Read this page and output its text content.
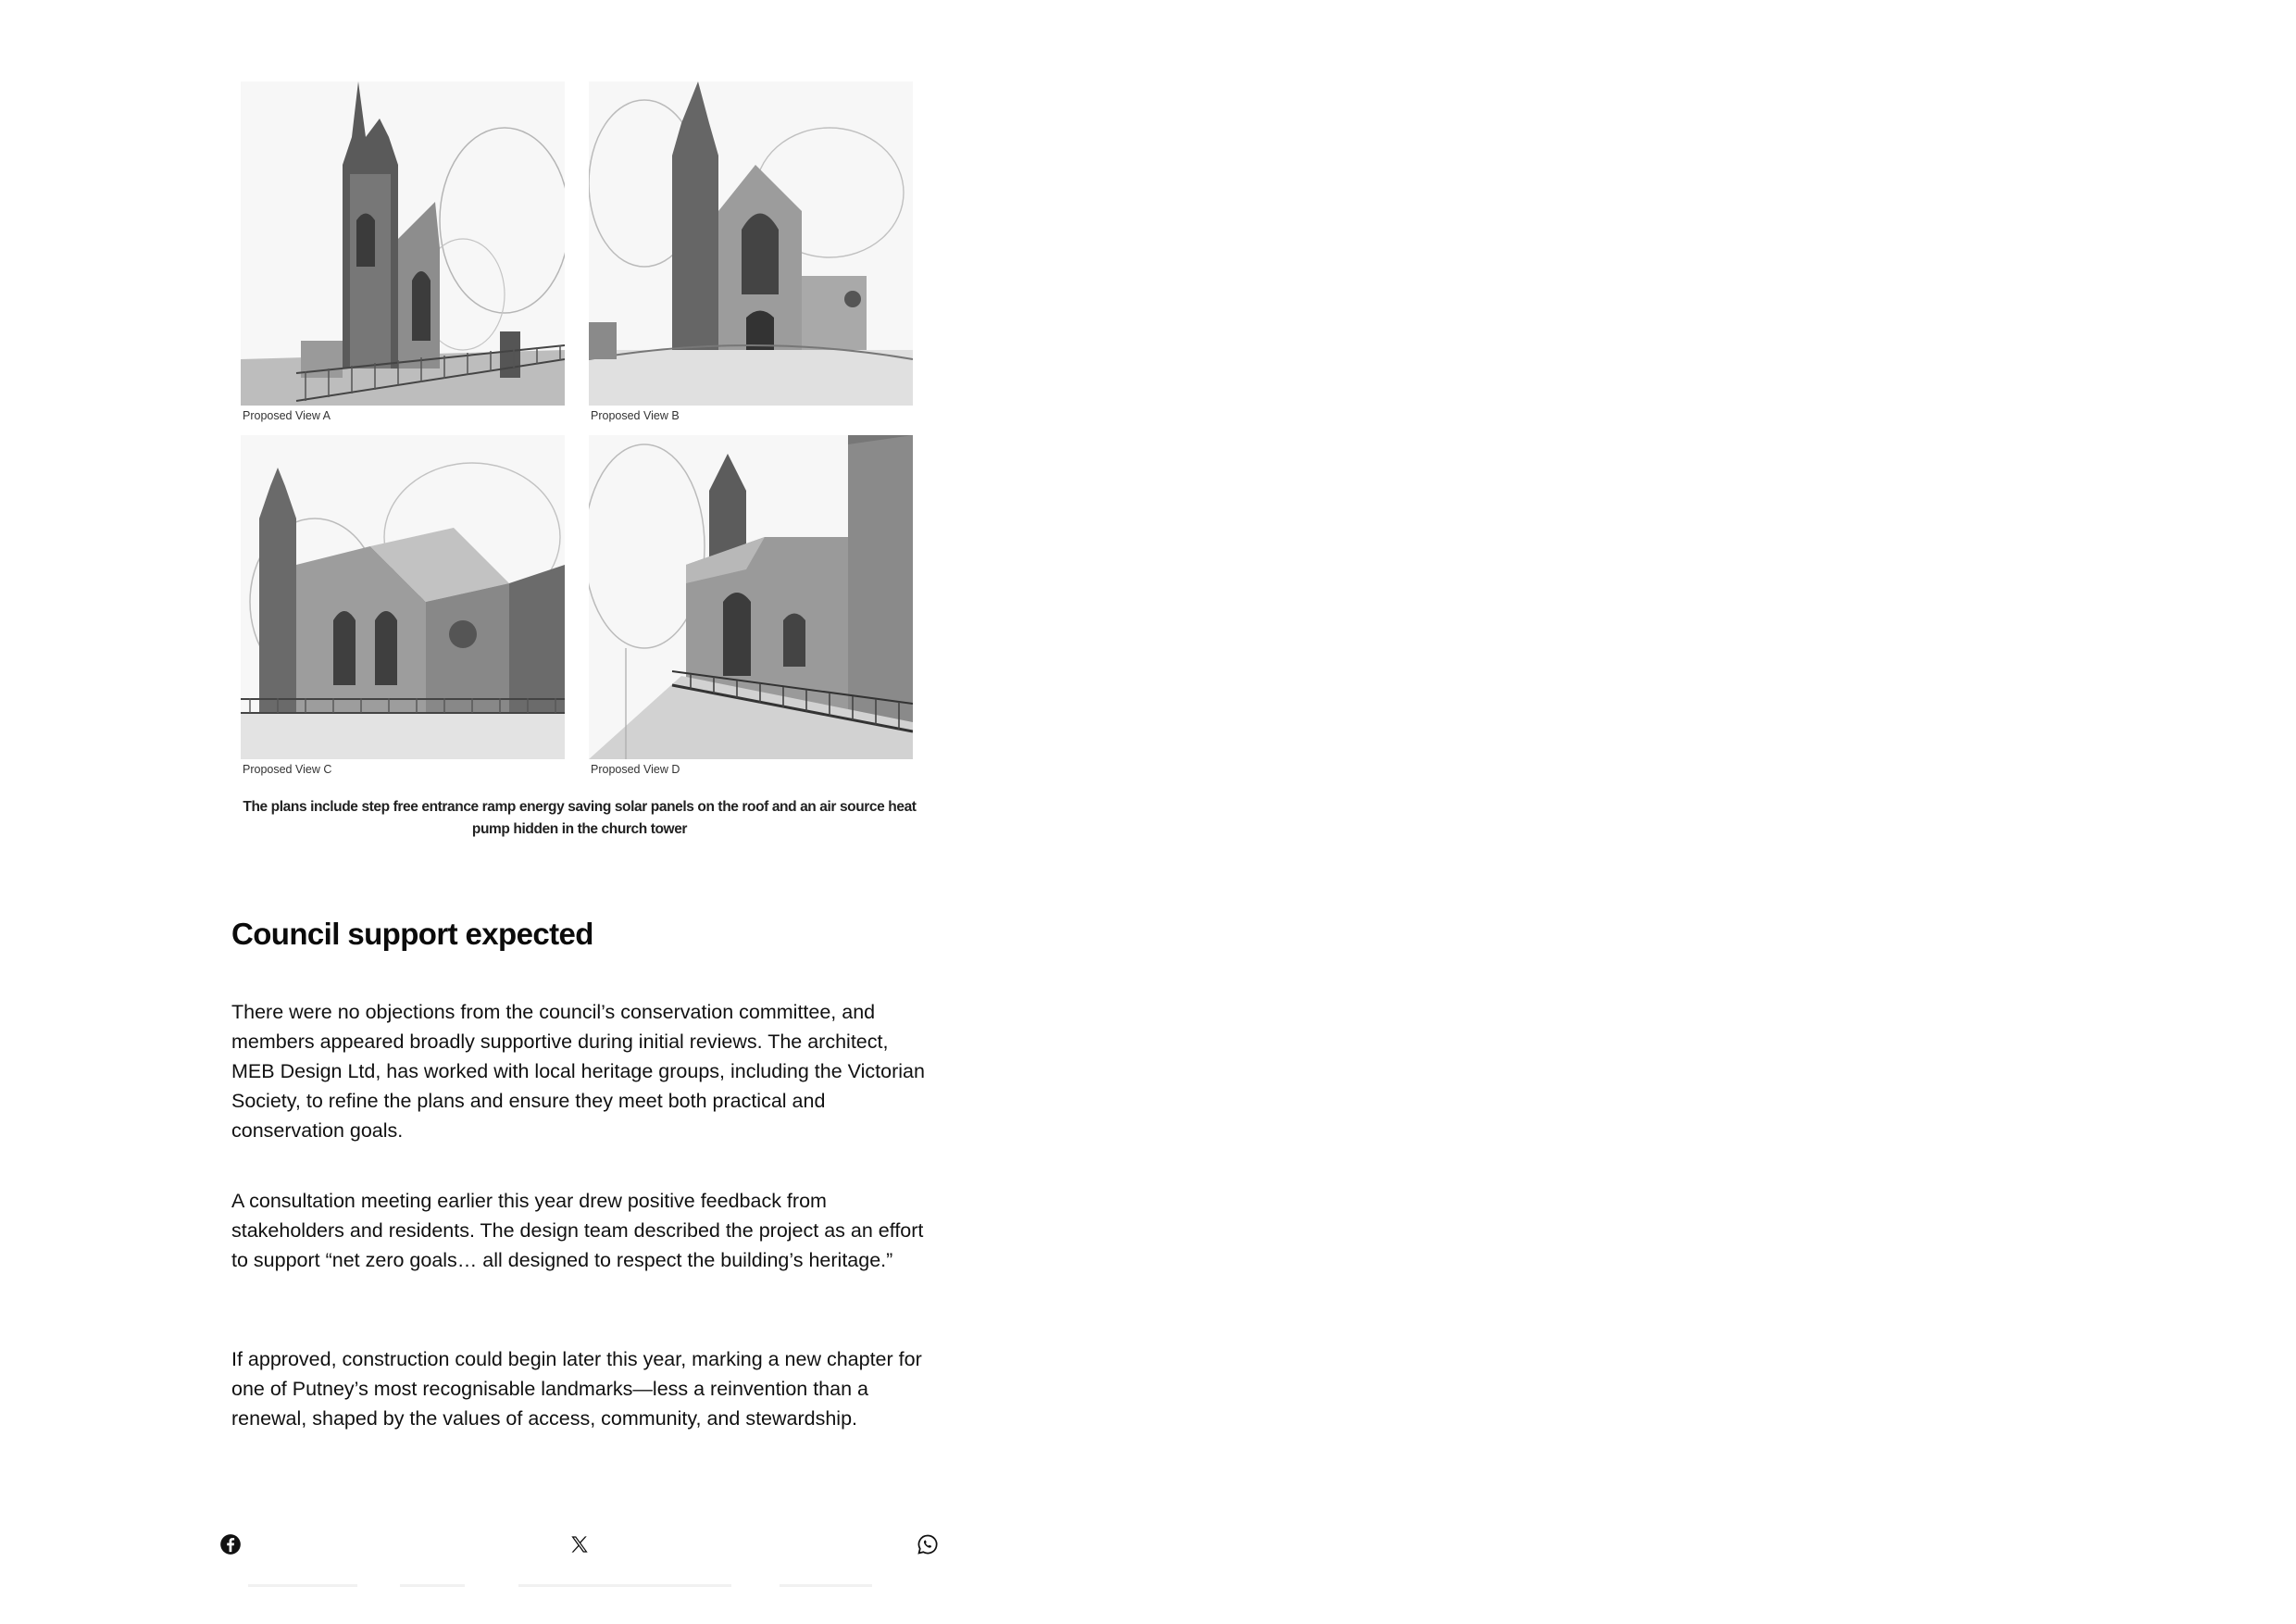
Proposed View A	Proposed View B
Proposed View C	Proposed View D
The plans include step free entrance ramp energy saving solar panels on the roof and an air source heat pump hidden in the church tower
Council support expected

There were no objections from the council’s conservation committee, and members appeared broadly supportive during initial reviews. The architect, MEB Design Ltd, has worked with local heritage groups, including the Victorian Society, to refine the plans and ensure they meet both practical and conservation goals.

A consultation meeting earlier this year drew positive feedback from stakeholders and residents. The design team described the project as an effort to support “net zero goals… all designed to respect the building’s heritage.”

If approved, construction could begin later this year, marking a new chapter for one of Putney’s most recognisable landmarks—less a reinvention than a renewal, shaped by the values of access, community, and stewardship.
